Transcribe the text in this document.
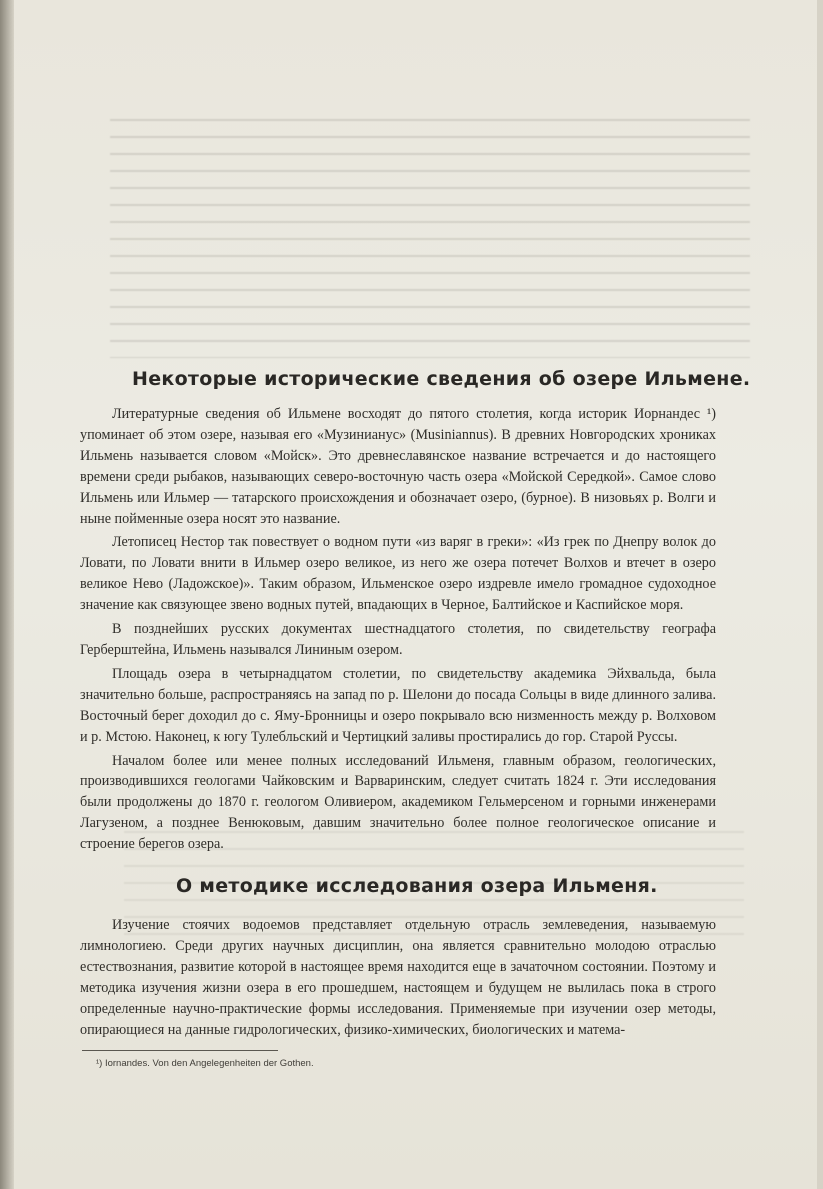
Некоторые исторические сведения об озере Ильмене.

Литературные сведения об Ильмене восходят до пятого столетия, когда историк Иорнандес ¹) упоминает об этом озере, называя его «Музинианус» (Musiniannus). В древних Новгородских хрониках Ильмень называется словом «Мойск». Это древнеславянское название встречается и до настоящего времени среди рыбаков, называющих северо-восточную часть озера «Мойской Середкой». Самое слово Ильмень или Ильмер — татарского происхождения и обозначает озеро, (бурное). В низовьях р. Волги и ныне пойменные озера носят это название.

Летописец Нестор так повествует о водном пути «из варяг в греки»: «Из грек по Днепру волок до Ловати, по Ловати внити в Ильмер озеро великое, из него же озера потечет Волхов и втечет в озеро великое Нево (Ладожское)». Таким образом, Ильменское озеро издревле имело громадное судоходное значение как связующее звено водных путей, впадающих в Черное, Балтийское и Каспийское моря.

В позднейших русских документах шестнадцатого столетия, по свидетельству географа Герберштейна, Ильмень назывался Лининым озером.

Площадь озера в четырнадцатом столетии, по свидетельству академика Эйхвальда, была значительно больше, распространяясь на запад по р. Шелони до посада Сольцы в виде длинного залива. Восточный берег доходил до с. Яму-Бронницы и озеро покрывало всю низменность между р. Волховом и р. Мстою. Наконец, к югу Тулебльский и Чертицкий заливы простирались до гор. Старой Руссы.

Началом более или менее полных исследований Ильменя, главным образом, геологических, производившихся геологами Чайковским и Варваринским, следует считать 1824 г. Эти исследования были продолжены до 1870 г. геологом Оливиером, академиком Гельмерсеном и горными инженерами Лагузеном, а позднее Венюковым, давшим значительно более полное геологическое описание и строение берегов озера.

О методике исследования озера Ильменя.

Изучение стоячих водоемов представляет отдельную отрасль землеведения, называемую лимнологиею. Среди других научных дисциплин, она является сравнительно молодою отраслью естествознания, развитие которой в настоящее время находится еще в зачаточном состоянии. Поэтому и методика изучения жизни озера в его прошедшем, настоящем и будущем не вылилась пока в строго определенные научно-практические формы исследования. Применяемые при изучении озер методы, опирающиеся на данные гидрологических, физико-химических, биологических и матема-

¹) Iornandes. Von den Angelegenheiten der Gothen.
